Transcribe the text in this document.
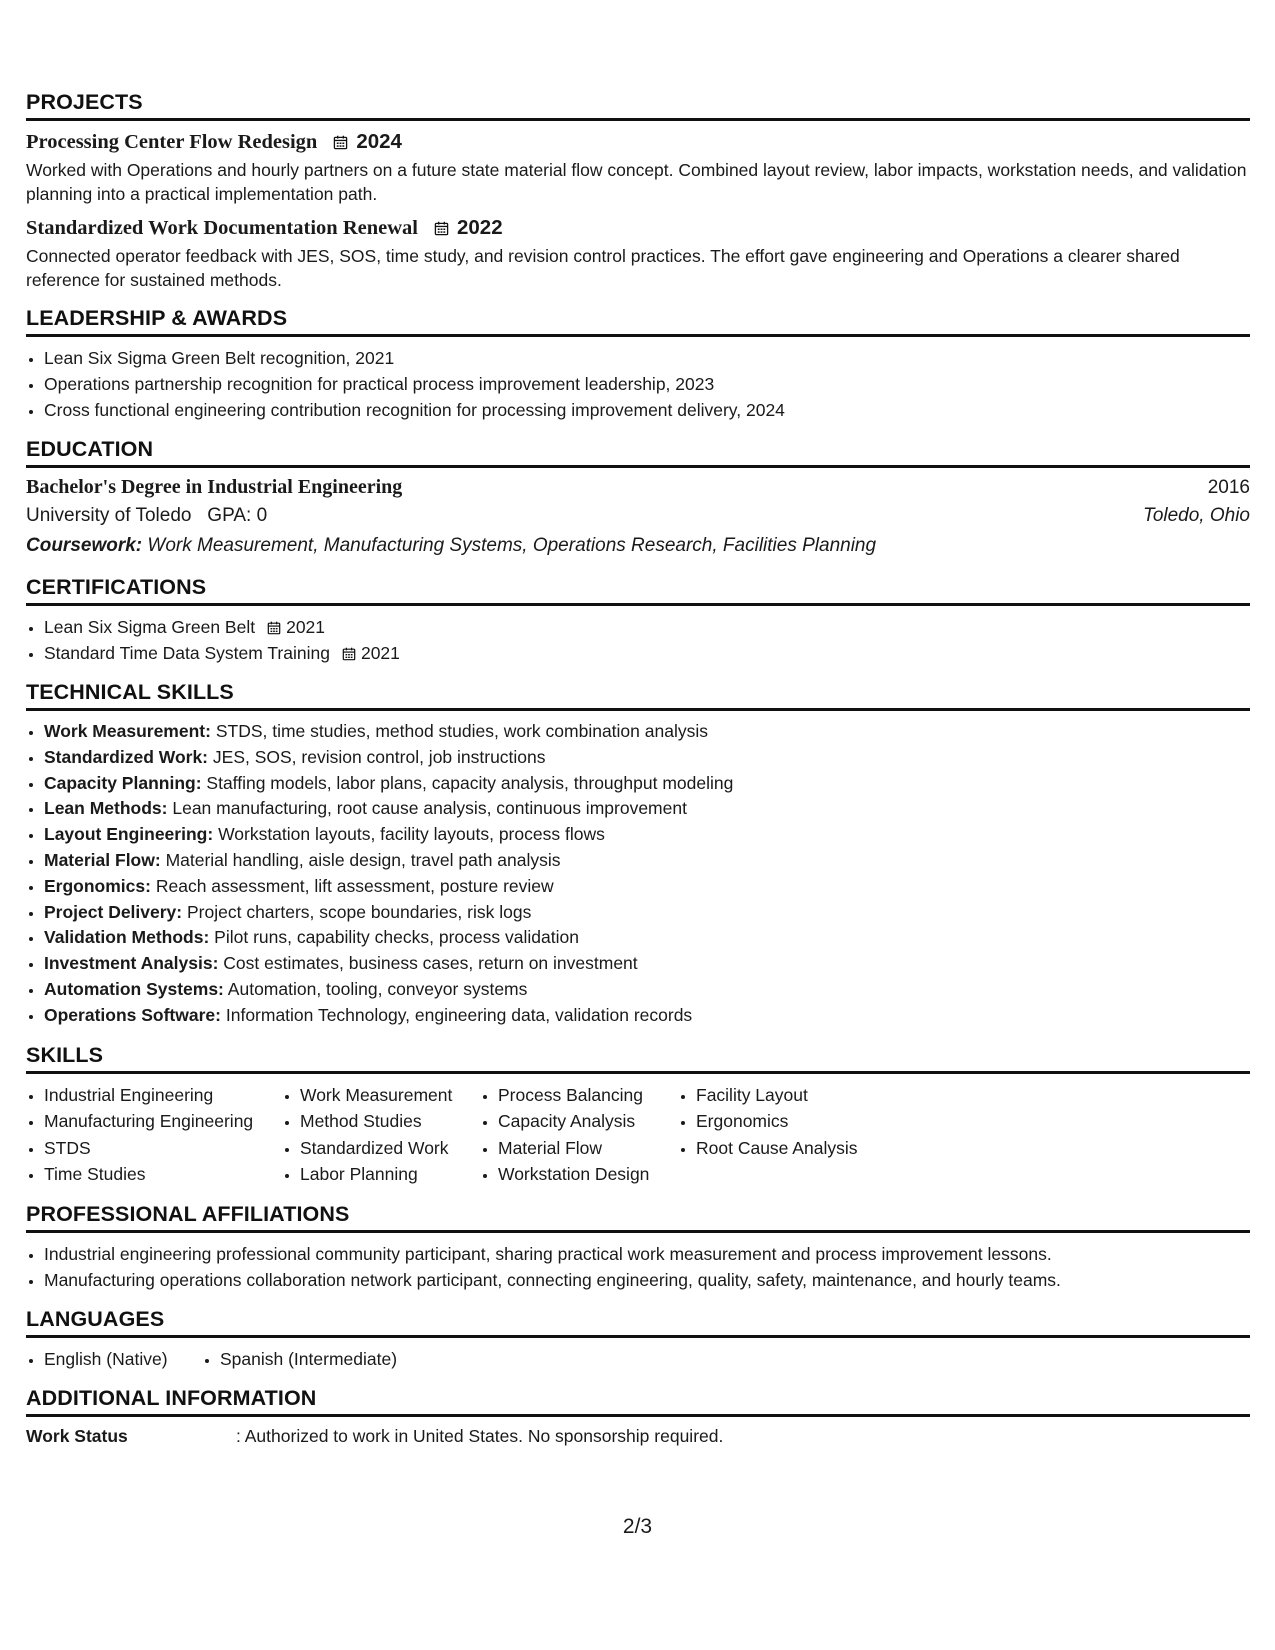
PROJECTS
Processing Center Flow Redesign 2024
Worked with Operations and hourly partners on a future state material flow concept. Combined layout review, labor impacts, workstation needs, and validation planning into a practical implementation path.
Standardized Work Documentation Renewal 2022
Connected operator feedback with JES, SOS, time study, and revision control practices. The effort gave engineering and Operations a clearer shared reference for sustained methods.
LEADERSHIP & AWARDS
• Lean Six Sigma Green Belt recognition, 2021
• Operations partnership recognition for practical process improvement leadership, 2023
• Cross functional engineering contribution recognition for processing improvement delivery, 2024
EDUCATION
Bachelor's Degree in Industrial Engineering	2016
University of Toledo GPA: 0	Toledo, Ohio
Coursework: Work Measurement, Manufacturing Systems, Operations Research, Facilities Planning
CERTIFICATIONS
• Lean Six Sigma Green Belt 2021
• Standard Time Data System Training 2021
TECHNICAL SKILLS
• Work Measurement: STDS, time studies, method studies, work combination analysis
• Standardized Work: JES, SOS, revision control, job instructions
• Capacity Planning: Staffing models, labor plans, capacity analysis, throughput modeling
• Lean Methods: Lean manufacturing, root cause analysis, continuous improvement
• Layout Engineering: Workstation layouts, facility layouts, process flows
• Material Flow: Material handling, aisle design, travel path analysis
• Ergonomics: Reach assessment, lift assessment, posture review
• Project Delivery: Project charters, scope boundaries, risk logs
• Validation Methods: Pilot runs, capability checks, process validation
• Investment Analysis: Cost estimates, business cases, return on investment
• Automation Systems: Automation, tooling, conveyor systems
• Operations Software: Information Technology, engineering data, validation records
SKILLS
• Industrial Engineering
• Manufacturing Engineering
• STDS
• Time Studies
• Work Measurement
• Method Studies
• Standardized Work
• Labor Planning
• Process Balancing
• Capacity Analysis
• Material Flow
• Workstation Design
• Facility Layout
• Ergonomics
• Root Cause Analysis
PROFESSIONAL AFFILIATIONS
• Industrial engineering professional community participant, sharing practical work measurement and process improvement lessons.
• Manufacturing operations collaboration network participant, connecting engineering, quality, safety, maintenance, and hourly teams.
LANGUAGES
• English (Native)
•	Spanish (Intermediate)
ADDITIONAL INFORMATION
Work Status	: Authorized to work in United States. No sponsorship required.
2/3
